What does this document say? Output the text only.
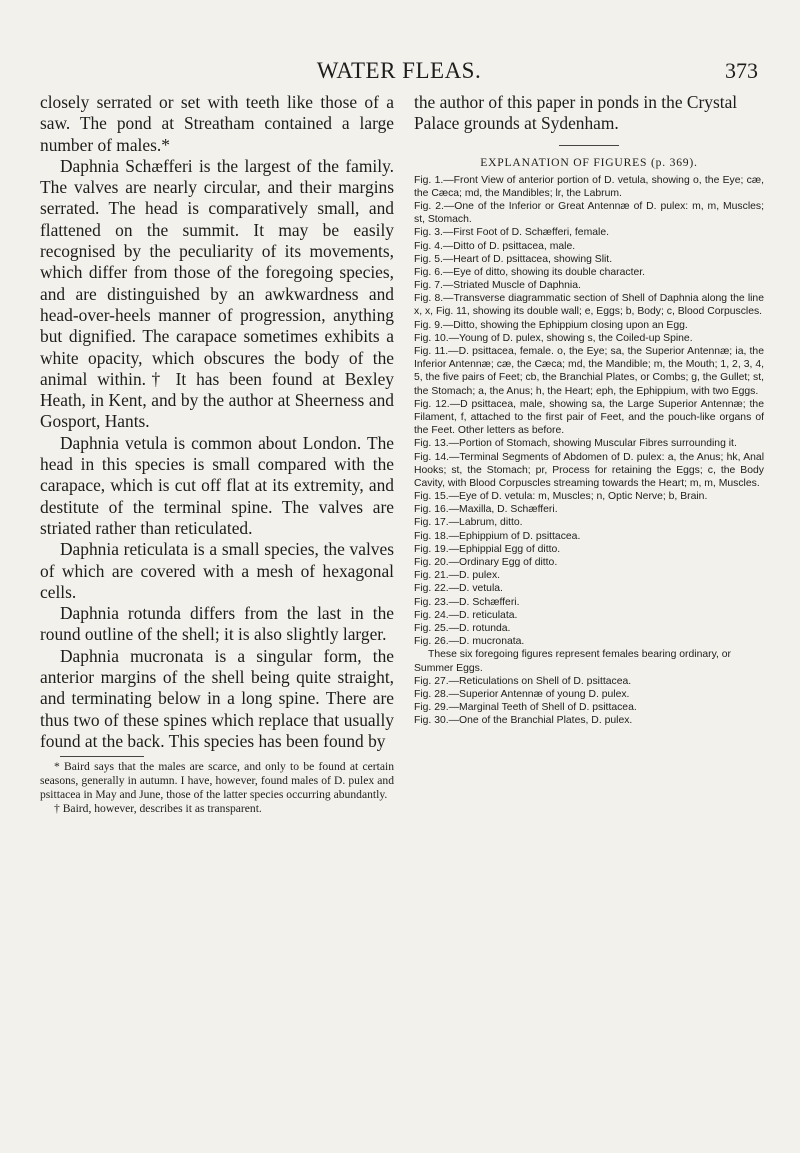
WATER FLEAS.	373

closely serrated or set with teeth like those of a saw. The pond at Streatham contained a large number of males.*

Daphnia Schæfferi is the largest of the family. The valves are nearly circular, and their margins serrated. The head is comparatively small, and flattened on the summit. It may be easily recognised by the peculiarity of its movements, which differ from those of the foregoing species, and are distinguished by an awkwardness and head-over-heels manner of progression, anything but dignified. The carapace sometimes exhibits a white opacity, which obscures the body of the animal within.† It has been found at Bexley Heath, in Kent, and by the author at Sheerness and Gosport, Hants.

Daphnia vetula is common about London. The head in this species is small compared with the carapace, which is cut off flat at its extremity, and destitute of the terminal spine. The valves are striated rather than reticulated.

Daphnia reticulata is a small species, the valves of which are covered with a mesh of hexagonal cells.

Daphnia rotunda differs from the last in the round outline of the shell; it is also slightly larger.

Daphnia mucronata is a singular form, the anterior margins of the shell being quite straight, and terminating below in a long spine. There are thus two of these spines which replace that usually found at the back. This species has been found by

* Baird says that the males are scarce, and only to be found at certain seasons, generally in autumn. I have, however, found males of D. pulex and psittacea in May and June, those of the latter species occurring abundantly.

† Baird, however, describes it as transparent.

the author of this paper in ponds in the Crystal Palace grounds at Sydenham.

EXPLANATION OF FIGURES (p. 369).

Fig. 1.—Front View of anterior portion of D. vetula, showing o, the Eye; cæ, the Cæca; md, the Mandibles; lr, the Labrum.

Fig. 2.—One of the Inferior or Great Antennæ of D. pulex: m, m, Muscles; st, Stomach.

Fig. 3.—First Foot of D. Schæfferi, female.

Fig. 4.—Ditto of D. psittacea, male.

Fig. 5.—Heart of D. psittacea, showing Slit.

Fig. 6.—Eye of ditto, showing its double character.

Fig. 7.—Striated Muscle of Daphnia.

Fig. 8.—Transverse diagrammatic section of Shell of Daphnia along the line x, x, Fig. 11, showing its double wall; e, Eggs; b, Body; c, Blood Corpuscles.

Fig. 9.—Ditto, showing the Ephippium closing upon an Egg.

Fig. 10.—Young of D. pulex, showing s, the Coiled-up Spine.

Fig. 11.—D. psittacea, female. o, the Eye; sa, the Superior Antennæ; ia, the Inferior Antennæ; cæ, the Cæca; md, the Mandible; m, the Mouth; 1, 2, 3, 4, 5, the five pairs of Feet; cb, the Branchial Plates, or Combs; g, the Gullet; st, the Stomach; a, the Anus; h, the Heart; eph, the Ephippium, with two Eggs.

Fig. 12.—D psittacea, male, showing sa, the Large Superior Antennæ; the Filament, f, attached to the first pair of Feet, and the pouch-like organs of the Feet. Other letters as before.

Fig. 13.—Portion of Stomach, showing Muscular Fibres surrounding it.

Fig. 14.—Terminal Segments of Abdomen of D. pulex: a, the Anus; hk, Anal Hooks; st, the Stomach; pr, Process for retaining the Eggs; c, the Body Cavity, with Blood Corpuscles streaming towards the Heart; m, m, Muscles.

Fig. 15.—Eye of D. vetula: m, Muscles; n, Optic Nerve; b, Brain.

Fig. 16.—Maxilla, D. Schæfferi.

Fig. 17.—Labrum, ditto.

Fig. 18.—Ephippium of D. psittacea.

Fig. 19.—Ephippial Egg of ditto.

Fig. 20.—Ordinary Egg of ditto.

Fig. 21.—D. pulex.

Fig. 22.—D. vetula.

Fig. 23.—D. Schæfferi.

Fig. 24.—D. reticulata.

Fig. 25.—D. rotunda.

Fig. 26.—D. mucronata.

These six foregoing figures represent females bearing ordinary, or Summer Eggs.

Fig. 27.—Reticulations on Shell of D. psittacea.

Fig. 28.—Superior Antennæ of young D. pulex.

Fig. 29.—Marginal Teeth of Shell of D. psittacea.

Fig. 30.—One of the Branchial Plates, D. pulex.
